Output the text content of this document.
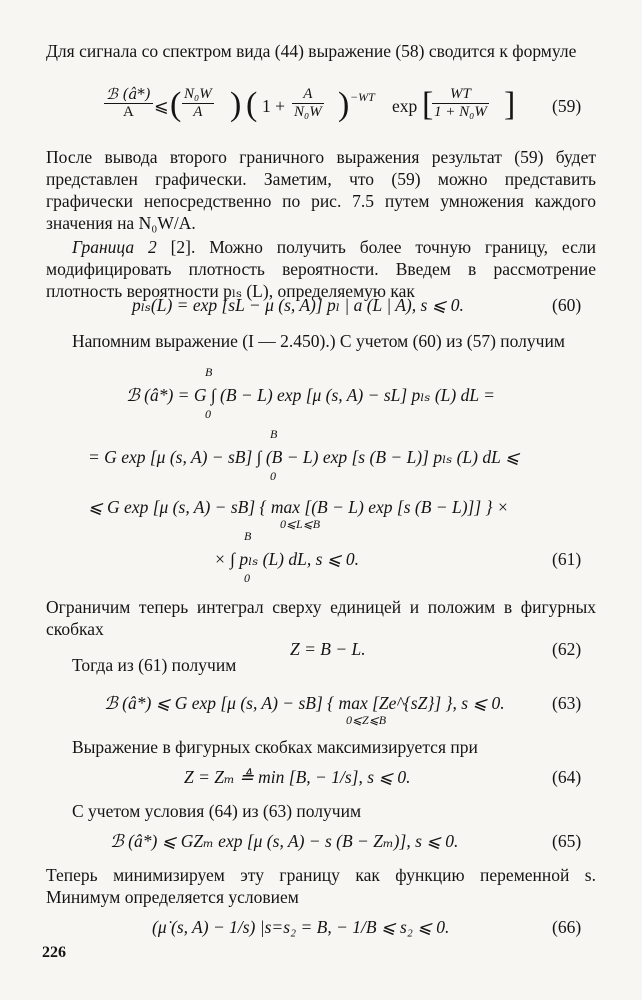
Для сигнала со спектром вида (44) выражение (58) сводится к формуле

ℬ (â*)
A	⩽ ( $\frac{\text{N₀W}}{A}$ ) ( $1 + \frac{A}{\text{N₀W}}$ ) −WT exp [
$\frac{WT}{\text{1 + N₀W}}$ ] (59)

После вывода второго граничного выражения результат (59) будет представлен графически. Заметим, что (59) можно представить графически непосредственно по рис. 7.5 путем умножения каждого значения на N₀W/A.

Граница 2 [2]. Можно получить более точную границу, если модифицировать плотность вероятности. Введем в рассмотрение плотность вероятности pₗₛ (L), определяемую как

pₗₛ(L) = exp [sL − μ (s, A)] pₗ | a (L | A), s ⩽ 0.	(60)

Напомним выражение (I — 2.450).) С учетом (60) из (57) получим

B
ℬ (â*) = G ∫ (B − L) exp [μ (s, A) − sL] pₗₛ (L) dL =
0
B
= G exp [μ (s, A) − sB] ∫ (B − L) exp [s (B − L)] pₗₛ (L) dL ⩽
0
⩽ G exp [μ (s, A) − sB] { max [(B − L) exp [s (B − L)]] } ×
0⩽L⩽B
B
× ∫ pₗₛ (L) dL, s ⩽ 0.
0
(61)

Ограничим теперь интеграл сверху единицей и положим в фигурных скобках

Z = B − L.	(62)

Тогда из (61) получим

ℬ (â*) ⩽ G exp [μ (s, A) − sB] { max [Ze^{sZ}] }, s ⩽ 0.
0⩽Z⩽B
(63)

Выражение в фигурных скобках максимизируется при

Z = Zₘ ≜ min [B, − 1/s], s ⩽ 0.	(64)

С учетом условия (64) из (63) получим

ℬ (â*) ⩽ GZₘ exp [μ (s, A) − s (B − Zₘ)], s ⩽ 0.	(65)

Теперь минимизируем эту границу как функцию переменной s. Минимум определяется условием

(μ̇ (s, A) − 1/s) |s=s₂ = B, − 1/B ⩽ s₂ ⩽ 0.	(66)
226
